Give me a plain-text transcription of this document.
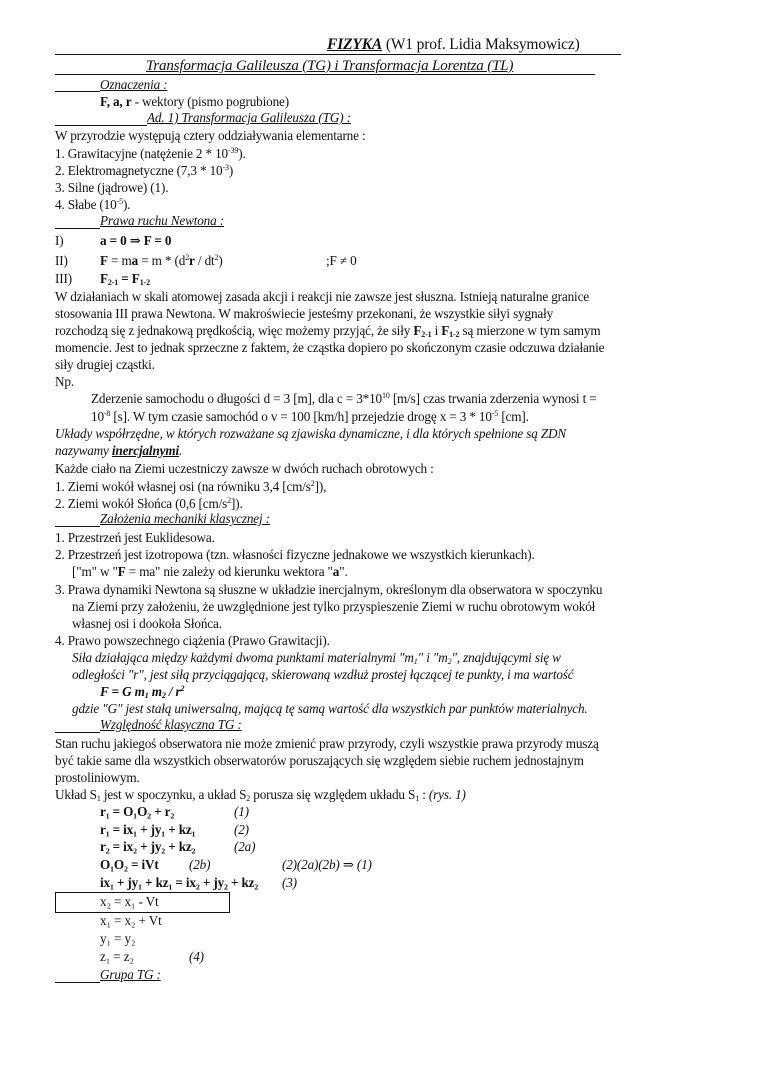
FIZYKA (W1 prof. Lidia Maksymowicz)
Transformacja Galileusza (TG) i Transformacja Lorentza (TL)
Oznaczenia :
F, a, r - wektory (pismo pogrubione)
Ad. 1) Transformacja Galileusza (TG) :
W przyrodzie występują cztery oddziaływania elementarne :
1. Grawitacyjne (natężenie $2 * 10^{-39}$).
2. Elektromagnetyczne $(7,3 * 10^{-3})$
3. Silne (jądrowe) (1).
4. Słabe $(10^{-5})$.
Prawa ruchu Newtona :
I)	a = 0 ⇒ F = 0
II) F = ma = m * $(d^2r / dt^2)$	;F ≠ 0
III) $F_{2-1} = F_{1-2}$
W działaniach w skali atomowej zasada akcji i reakcji nie zawsze jest słuszna. Istnieją naturalne granice
stosowania III prawa Newtona. W makroświecie jesteśmy przekonani, że wszystkie siłyi sygnały
rozchodzą się z jednakową prędkością, więc możemy przyjąć, że siły $F_{2-1}$ i $F_{1-2}$ są mierzone w tym samym
momencie. Jest to jednak sprzeczne z faktem, że cząstka dopiero po skończonym czasie odczuwa działanie
siły drugiej cząstki.
Np.
Zderzenie samochodu o długości d = 3 [m], dla $c = 3*10^{10}$ [m/s] czas trwania zderzenia wynosi t =
$10^{-8}$ [s]. W tym czasie samochód o v = 100 [km/h] przejedzie drogę $x = 3 * 10^{-5}$ [cm].
Układy współrzędne, w których rozważane są zjawiska dynamiczne, i dla których spełnione są ZDN
nazywamy inercjalnymi.
Każde ciało na Ziemi uczestniczy zawsze w dwóch ruchach obrotowych :
1. Ziemi wokół własnej osi (na równiku 3,4 $[cm/s^2]$),
2. Ziemi wokół Słońca (0,6 $[cm/s^2]$).
Założenia mechaniki klasycznej :
1. Przestrzeń jest Euklidesowa.
2. Przestrzeń jest izotropowa (tzn. własności fizyczne jednakowe we wszystkich kierunkach).
["m" w "F = ma" nie zależy od kierunku wektora "a".
3. Prawa dynamiki Newtona są słuszne w układzie inercjalnym, określonym dla obserwatora w spoczynku
na Ziemi przy założeniu, że uwzględnione jest tylko przyspieszenie Ziemi w ruchu obrotowym wokół
własnej osi i dookoła Słońca.
4. Prawo powszechnego ciążenia (Prawo Grawitacji).
Siła działająca między każdymi dwoma punktami materialnymi "$m_1$" i "$m_2$", znajdującymi się w
odległości "r", jest siłą przyciągającą, skierowaną wzdłuż prostej łączącej te punkty, i ma wartość
F = G $m_1$ $m_2 / r^2$
gdzie "G" jest stałą uniwersalną, mającą tę samą wartość dla wszystkich par punktów materialnych.
Względność klasyczna TG :
Stan ruchu jakiegoś obserwatora nie może zmienić praw przyrody, czyli wszystkie prawa przyrody muszą
być takie same dla wszystkich obserwatorów poruszających się względem siebie ruchem jednostajnym
prostoliniowym.
Układ $S_1$ jest w spoczynku, a układ $S_2$ porusza się względem układu $S_1$ : (rys. 1)
r₁ = O₁O₂ + r₂	(1)
r₁ = ix₁ + jy₁ + kz₁	(2)
r₂ = ix₂ + jy₂ + kz₂	(2a)
O₁O₂ = iVt (2b)	(2)(2a)(2b) ⇒ (1)
ix₁ + jy₁ + kz₁ = ix₂ + jy₂ + kz₂ (3)
x₂ = x₁ - Vt
x₁ = x₂ + Vt
y₁ = y₂
z₁ = z₂	(4)
Grupa TG :
